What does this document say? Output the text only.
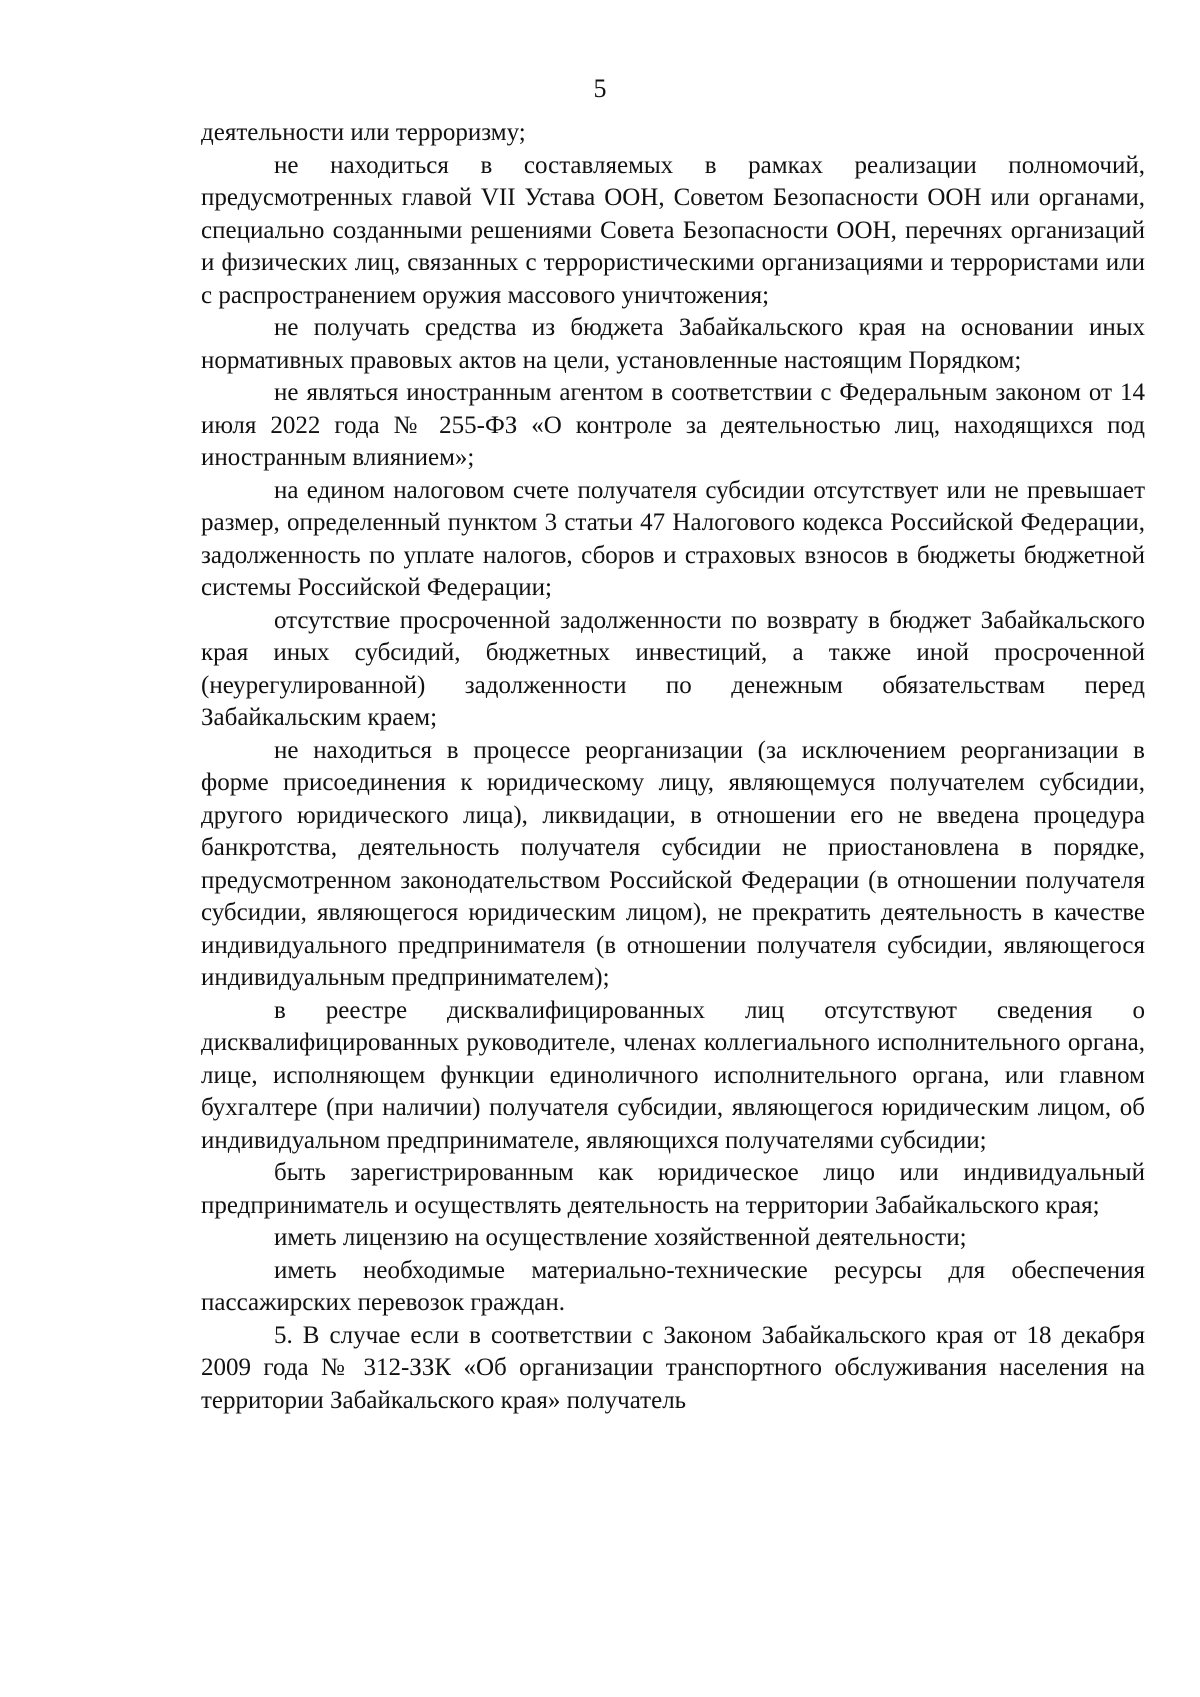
5

деятельности или терроризму;

не находиться в составляемых в рамках реализации полномочий, предусмотренных главой VII Устава ООН, Советом Безопасности ООН или органами, специально созданными решениями Совета Безопасности ООН, перечнях организаций и физических лиц, связанных с террористическими организациями и террористами или с распространением оружия массового уничтожения;

не получать средства из бюджета Забайкальского края на основании иных нормативных правовых актов на цели, установленные настоящим Порядком;

не являться иностранным агентом в соответствии с Федеральным законом от 14 июля 2022 года № 255-ФЗ «О контроле за деятельностью лиц, находящихся под иностранным влиянием»;

на едином налоговом счете получателя субсидии отсутствует или не превышает размер, определенный пунктом 3 статьи 47 Налогового кодекса Российской Федерации, задолженность по уплате налогов, сборов и страховых взносов в бюджеты бюджетной системы Российской Федерации;

отсутствие просроченной задолженности по возврату в бюджет Забайкальского края иных субсидий, бюджетных инвестиций, а также иной просроченной (неурегулированной) задолженности по денежным обязательствам перед Забайкальским краем;

не находиться в процессе реорганизации (за исключением реорганизации в форме присоединения к юридическому лицу, являющемуся получателем субсидии, другого юридического лица), ликвидации, в отношении его не введена процедура банкротства, деятельность получателя субсидии не приостановлена в порядке, предусмотренном законодательством Российской Федерации (в отношении получателя субсидии, являющегося юридическим лицом), не прекратить деятельность в качестве индивидуального предпринимателя (в отношении получателя субсидии, являющегося индивидуальным предпринимателем);

в реестре дисквалифицированных лиц отсутствуют сведения о дисквалифицированных руководителе, членах коллегиального исполнительного органа, лице, исполняющем функции единоличного исполнительного органа, или главном бухгалтере (при наличии) получателя субсидии, являющегося юридическим лицом, об индивидуальном предпринимателе, являющихся получателями субсидии;

быть зарегистрированным как юридическое лицо или индивидуальный предприниматель и осуществлять деятельность на территории Забайкальского края;

иметь лицензию на осуществление хозяйственной деятельности;

иметь необходимые материально-технические ресурсы для обеспечения пассажирских перевозок граждан.

5. В случае если в соответствии с Законом Забайкальского края от 18 декабря 2009 года № 312-ЗЗК «Об организации транспортного обслуживания населения на территории Забайкальского края» получатель
